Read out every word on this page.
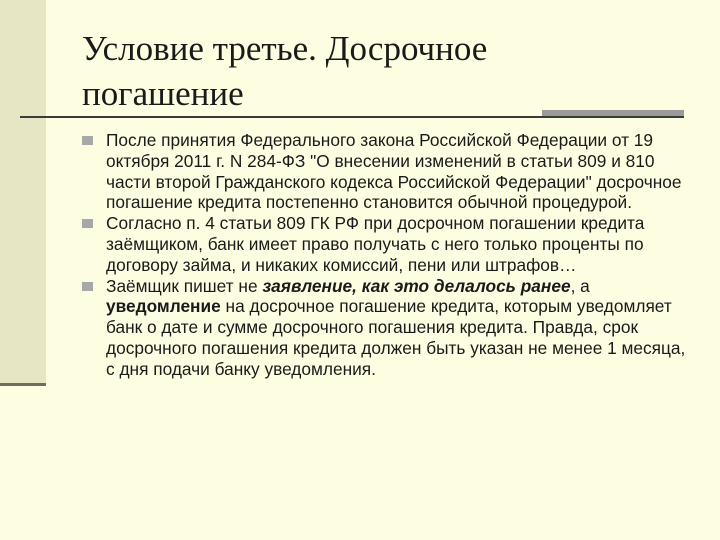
Условие третье. Досрочное
погашение

После принятия Федерального закона Российской Федерации от 19 октября 2011 г. N 284-ФЗ "О внесении изменений в статьи 809 и 810 части второй Гражданского кодекса Российской Федерации" досрочное погашение кредита постепенно становится обычной процедурой.

Согласно п. 4 статьи 809 ГК РФ при досрочном погашении кредита заёмщиком, банк имеет право получать с него только проценты по договору займа, и никаких комиссий, пени или штрафов…

Заёмщик пишет не заявление, как это делалось ранее, а уведомление на досрочное погашение кредита, которым уведомляет банк о дате и сумме досрочного погашения кредита. Правда, срок досрочного погашения кредита должен быть указан не менее 1 месяца, с дня подачи банку уведомления.
